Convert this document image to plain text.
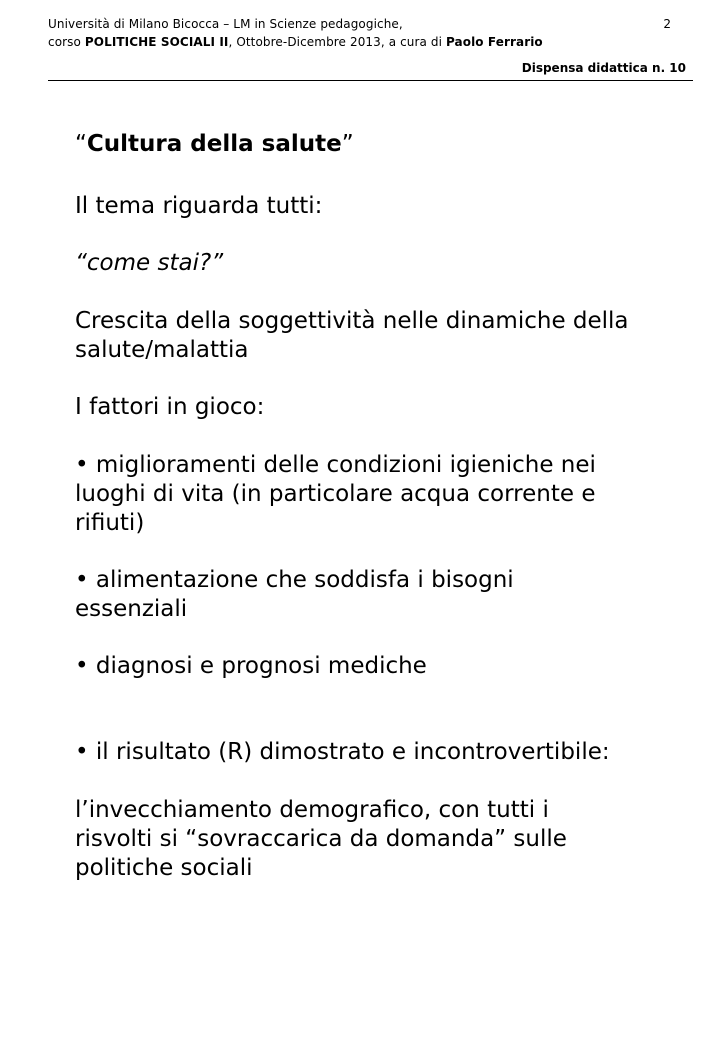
Università di Milano Bicocca – LM in Scienze pedagogiche,
corso POLITICHE SOCIALI II, Ottobre-Dicembre 2013, a cura di Paolo Ferrario
2
Dispensa didattica n. 10
“Cultura della salute”
Il tema riguarda tutti:
“come stai?”
Crescita della soggettività nelle dinamiche della
salute/malattia
I fattori in gioco:
• miglioramenti delle condizioni igieniche nei
luoghi di vita (in particolare acqua corrente e
rifiuti)
• alimentazione che soddisfa i bisogni
essenziali
• diagnosi e prognosi mediche
• il risultato (R) dimostrato e incontrovertibile:
l’invecchiamento demografico, con tutti i
risvolti si “sovraccarica da domanda” sulle
politiche sociali
